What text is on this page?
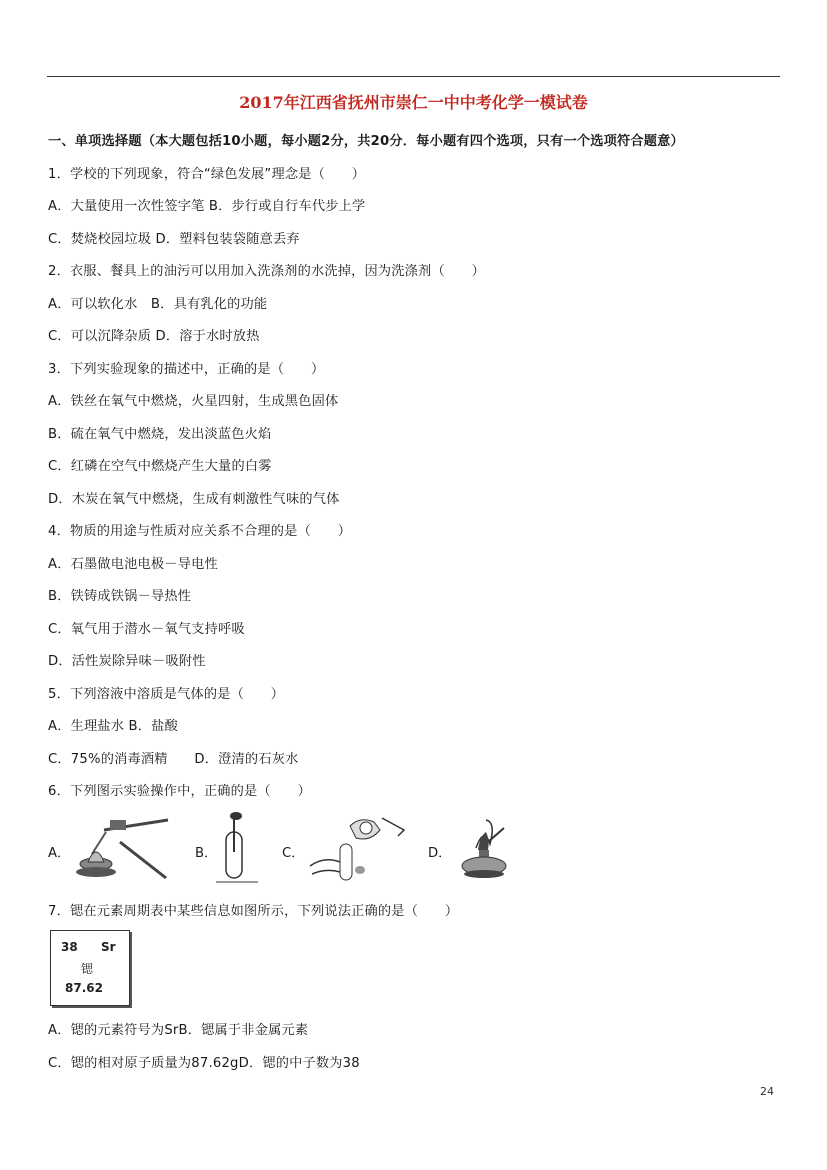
2017年江西省抚州市崇仁一中中考化学一模试卷
一、单项选择题（本大题包括10小题，每小题2分，共20分．每小题有四个选项，只有一个选项符合题意）
1．学校的下列现象，符合“绿色发展”理念是（　　）
A．大量使用一次性签字笔 B．步行或自行车代步上学
C．焚烧校园垃圾 D．塑料包装袋随意丢弃
2．衣服、餐具上的油污可以用加入洗涤剂的水洗掉，因为洗涤剂（　　）
A．可以软化水　B．具有乳化的功能
C．可以沉降杂质 D．溶于水时放热
3．下列实验现象的描述中，正确的是（　　）
A．铁丝在氧气中燃烧，火星四射，生成黑色固体
B．硫在氧气中燃烧，发出淡蓝色火焰
C．红磷在空气中燃烧产生大量的白雾
D．木炭在氧气中燃烧，生成有刺激性气味的气体
4．物质的用途与性质对应关系不合理的是（　　）
A．石墨做电池电极－导电性
B．铁铸成铁锅－导热性
C．氧气用于潜水－氧气支持呼吸
D．活性炭除异味－吸附性
5．下列溶液中溶质是气体的是（　　）
A．生理盐水 B．盐酸
C．75%的消毒酒精　　D．澄清的石灰水
6．下列图示实验操作中，正确的是（　　）
A．	B．	C．	D．
7．锶在元素周期表中某些信息如图所示，下列说法正确的是（　　）
38 Sr
锶
87.62
A．锶的元素符号为SrB．锶属于非金属元素
C．锶的相对原子质量为87.62gD．锶的中子数为38
24
